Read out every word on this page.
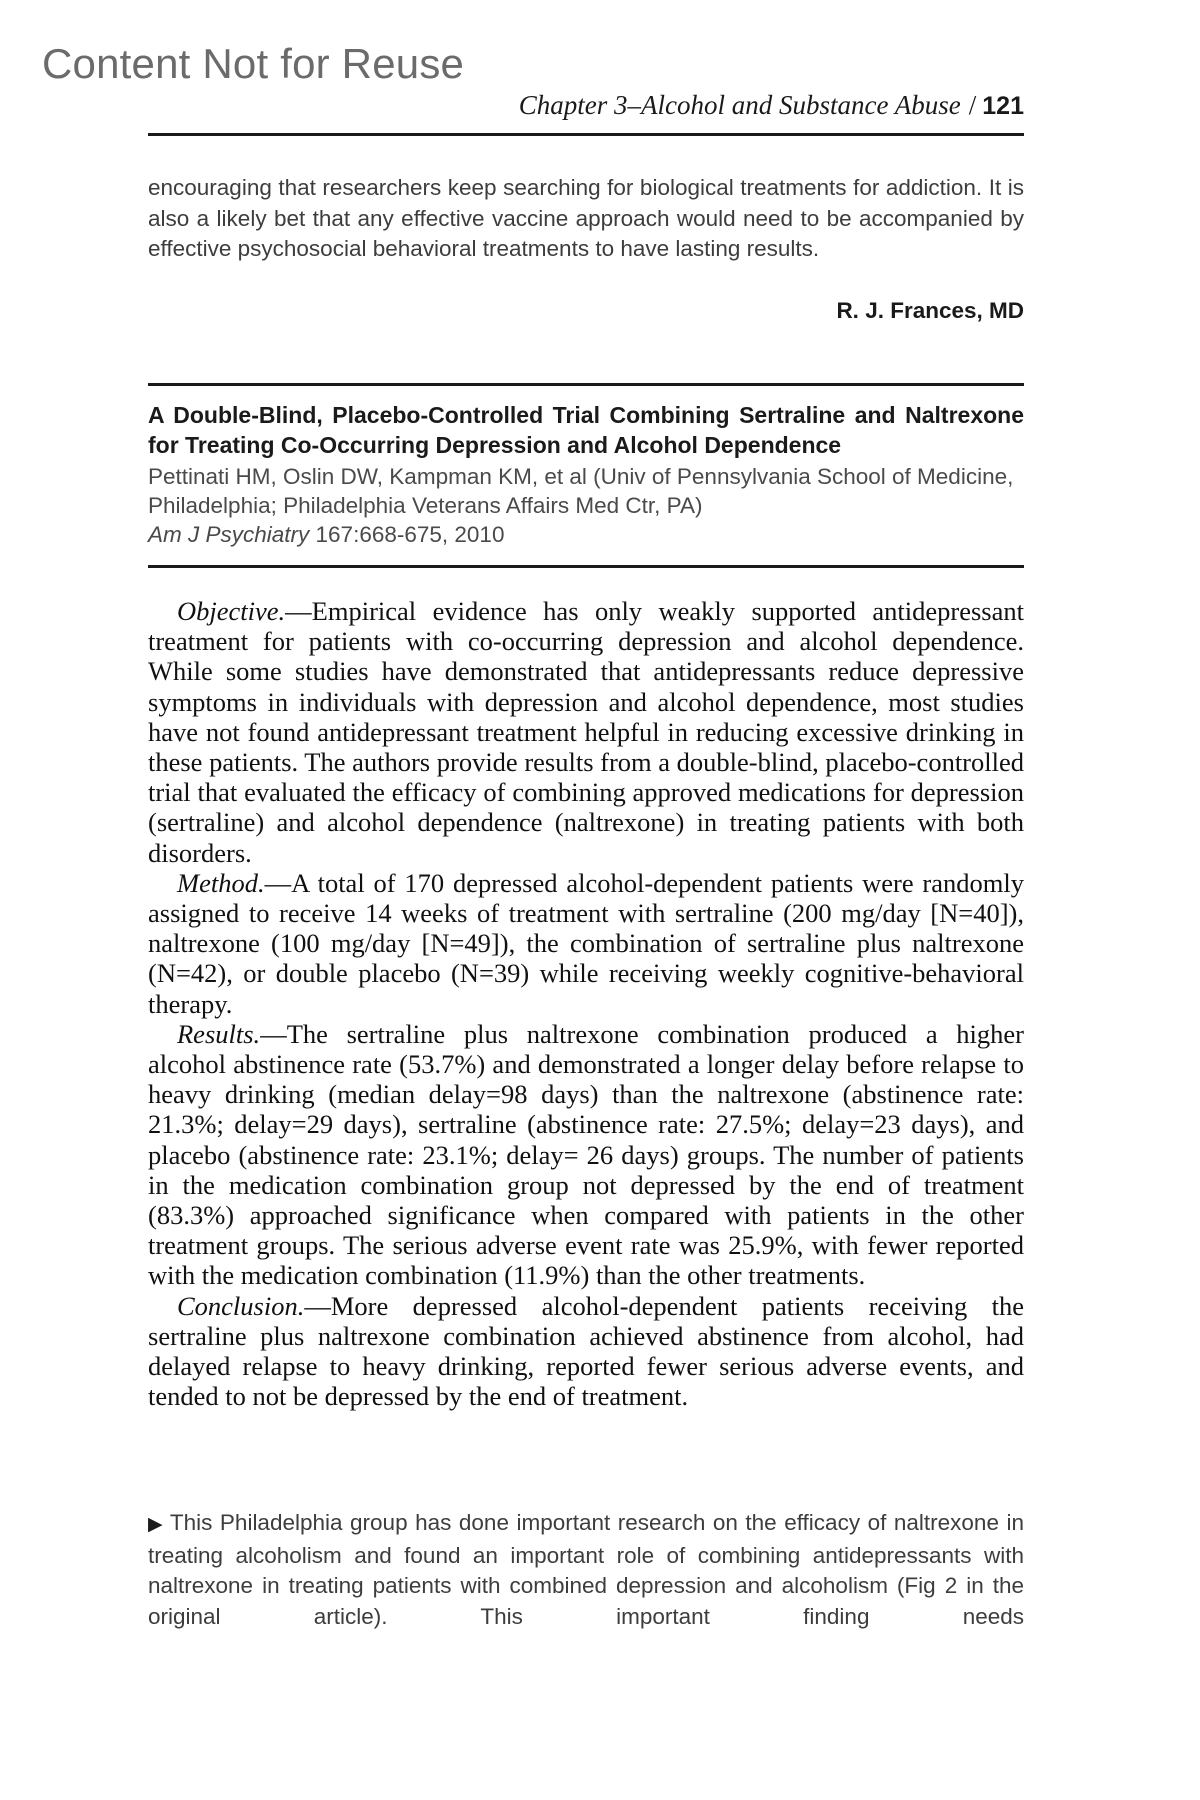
Content Not for Reuse
Chapter 3–Alcohol and Substance Abuse / 121

encouraging that researchers keep searching for biological treatments for addiction. It is also a likely bet that any effective vaccine approach would need to be accompanied by effective psychosocial behavioral treatments to have lasting results.

R. J. Frances, MD

A Double-Blind, Placebo-Controlled Trial Combining Sertraline and Naltrexone for Treating Co-Occurring Depression and Alcohol Dependence

Pettinati HM, Oslin DW, Kampman KM, et al (Univ of Pennsylvania School of Medicine, Philadelphia; Philadelphia Veterans Affairs Med Ctr, PA)

Am J Psychiatry 167:668-675, 2010

Objective.—Empirical evidence has only weakly supported antidepressant treatment for patients with co-occurring depression and alcohol dependence. While some studies have demonstrated that antidepressants reduce depressive symptoms in individuals with depression and alcohol dependence, most studies have not found antidepressant treatment helpful in reducing excessive drinking in these patients. The authors provide results from a double-blind, placebo-controlled trial that evaluated the efficacy of combining approved medications for depression (sertraline) and alcohol dependence (naltrexone) in treating patients with both disorders.

Method.—A total of 170 depressed alcohol-dependent patients were randomly assigned to receive 14 weeks of treatment with sertraline (200 mg/day [N=40]), naltrexone (100 mg/day [N=49]), the combination of sertraline plus naltrexone (N=42), or double placebo (N=39) while receiving weekly cognitive-behavioral therapy.

Results.—The sertraline plus naltrexone combination produced a higher alcohol abstinence rate (53.7%) and demonstrated a longer delay before relapse to heavy drinking (median delay=98 days) than the naltrexone (abstinence rate: 21.3%; delay=29 days), sertraline (abstinence rate: 27.5%; delay=23 days), and placebo (abstinence rate: 23.1%; delay= 26 days) groups. The number of patients in the medication combination group not depressed by the end of treatment (83.3%) approached significance when compared with patients in the other treatment groups. The serious adverse event rate was 25.9%, with fewer reported with the medication combination (11.9%) than the other treatments.

Conclusion.—More depressed alcohol-dependent patients receiving the sertraline plus naltrexone combination achieved abstinence from alcohol, had delayed relapse to heavy drinking, reported fewer serious adverse events, and tended to not be depressed by the end of treatment.

▶ This Philadelphia group has done important research on the efficacy of naltrexone in treating alcoholism and found an important role of combining antidepressants with naltrexone in treating patients with combined depression and alcoholism (Fig 2 in the original article). This important finding needs
